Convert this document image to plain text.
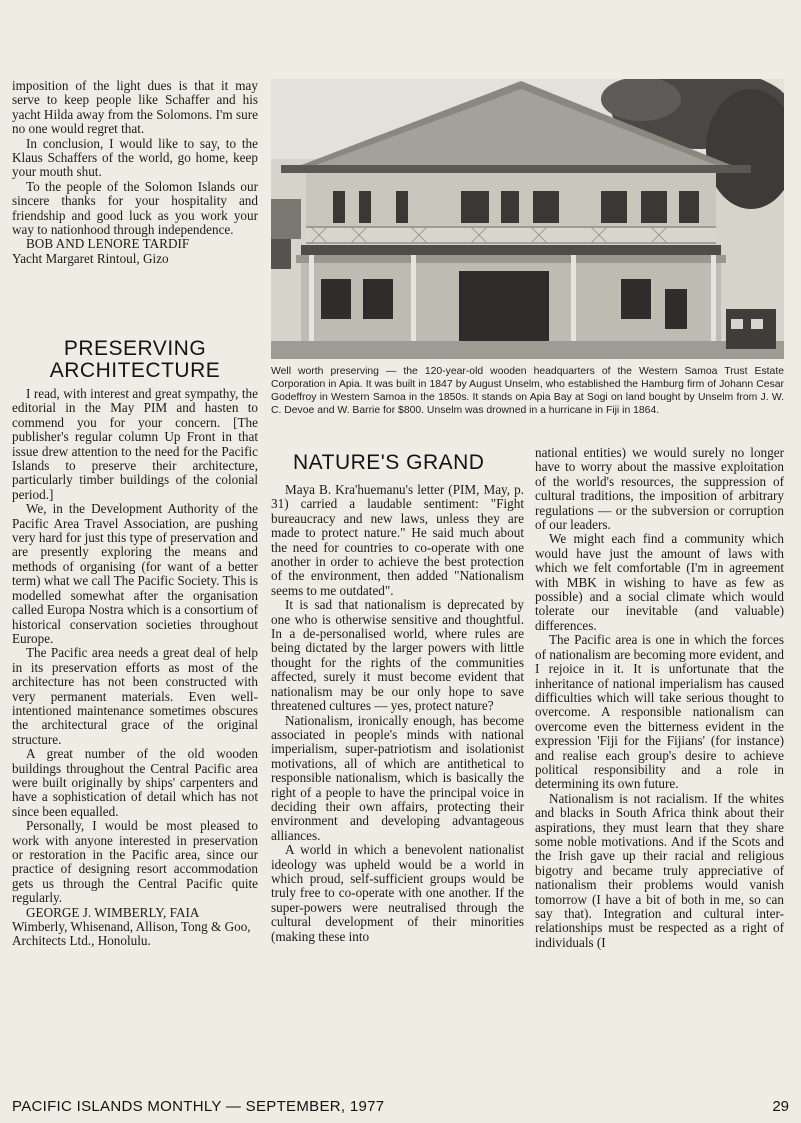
imposition of the light dues is that it may serve to keep people like Schaffer and his yacht Hilda away from the Solomons. I'm sure no one would regret that.

In conclusion, I would like to say, to the Klaus Schaffers of the world, go home, keep your mouth shut.

To the people of the Solomon Islands our sincere thanks for your hospitality and friendship and good luck as you work your way to nationhood through independence.

BOB AND LENORE TARDIF

Yacht Margaret Rintoul, Gizo

PRESERVING
ARCHITECTURE

I read, with interest and great sympathy, the editorial in the May PIM and hasten to commend you for your concern. [The publisher's regular column Up Front in that issue drew attention to the need for the Pacific Islands to preserve their architecture, particularly timber buildings of the colonial period.]

We, in the Development Authority of the Pacific Area Travel Association, are pushing very hard for just this type of preservation and are presently exploring the means and methods of organising (for want of a better term) what we call The Pacific Society. This is modelled somewhat after the organisation called Europa Nostra which is a consortium of historical conservation societies throughout Europe.

The Pacific area needs a great deal of help in its preservation efforts as most of the architecture has not been constructed with very permanent materials. Even well-intentioned maintenance sometimes obscures the architectural grace of the original structure.

A great number of the old wooden buildings throughout the Central Pacific area were built originally by ships' carpenters and have a sophistication of detail which has not since been equalled.

Personally, I would be most pleased to work with anyone interested in preservation or restoration in the Pacific area, since our practice of designing resort accommodation gets us through the Central Pacific quite regularly.

GEORGE J. WIMBERLY, FAIA

Wimberly, Whisenand, Allison, Tong & Goo,

Architects Ltd., Honolulu.

Well worth preserving — the 120-year-old wooden headquarters of the Western Samoa Trust Estate Corporation in Apia. It was built in 1847 by August Unselm, who established the Hamburg firm of Johann Cesar Godeffroy in Western Samoa in the 1850s. It stands on Apia Bay at Sogi on land bought by Unselm from J. W. C. Devoe and W. Barrie for $800. Unselm was drowned in a hurricane in Fiji in 1864.

NATURE'S GRAND

Maya B. Kra'huemanu's letter (PIM, May, p. 31) carried a laudable sentiment: "Fight bureaucracy and new laws, unless they are made to protect nature." He said much about the need for countries to co-operate with one another in order to achieve the best protection of the environment, then added "Nationalism seems to me outdated".

It is sad that nationalism is deprecated by one who is otherwise sensitive and thoughtful. In a de-personalised world, where rules are being dictated by the larger powers with little thought for the rights of the communities affected, surely it must become evident that nationalism may be our only hope to save threatened cultures — yes, protect nature?

Nationalism, ironically enough, has become associated in people's minds with national imperialism, super-patriotism and isolationist motivations, all of which are antithetical to responsible nationalism, which is basically the right of a people to have the principal voice in deciding their own affairs, protecting their environment and developing advantageous alliances.

A world in which a benevolent nationalist ideology was upheld would be a world in which proud, self-sufficient groups would be truly free to co-operate with one another. If the super-powers were neutralised through the cultural development of their minorities (making these into

national entities) we would surely no longer have to worry about the massive exploitation of the world's resources, the suppression of cultural traditions, the imposition of arbitrary regulations — or the subversion or corruption of our leaders.

We might each find a community which would have just the amount of laws with which we felt comfortable (I'm in agreement with MBK in wishing to have as few as possible) and a social climate which would tolerate our inevitable (and valuable) differences.

The Pacific area is one in which the forces of nationalism are becoming more evident, and I rejoice in it. It is unfortunate that the inheritance of national imperialism has caused difficulties which will take serious thought to overcome. A responsible nationalism can overcome even the bitterness evident in the expression 'Fiji for the Fijians' (for instance) and realise each group's desire to achieve political responsibility and a role in determining its own future.

Nationalism is not racialism. If the whites and blacks in South Africa think about their aspirations, they must learn that they share some noble motivations. And if the Scots and the Irish gave up their racial and religious bigotry and became truly appreciative of nationalism their problems would vanish tomorrow (I have a bit of both in me, so can say that). Integration and cultural inter-relationships must be respected as a right of individuals (I

PACIFIC ISLANDS MONTHLY — SEPTEMBER, 1977	29
